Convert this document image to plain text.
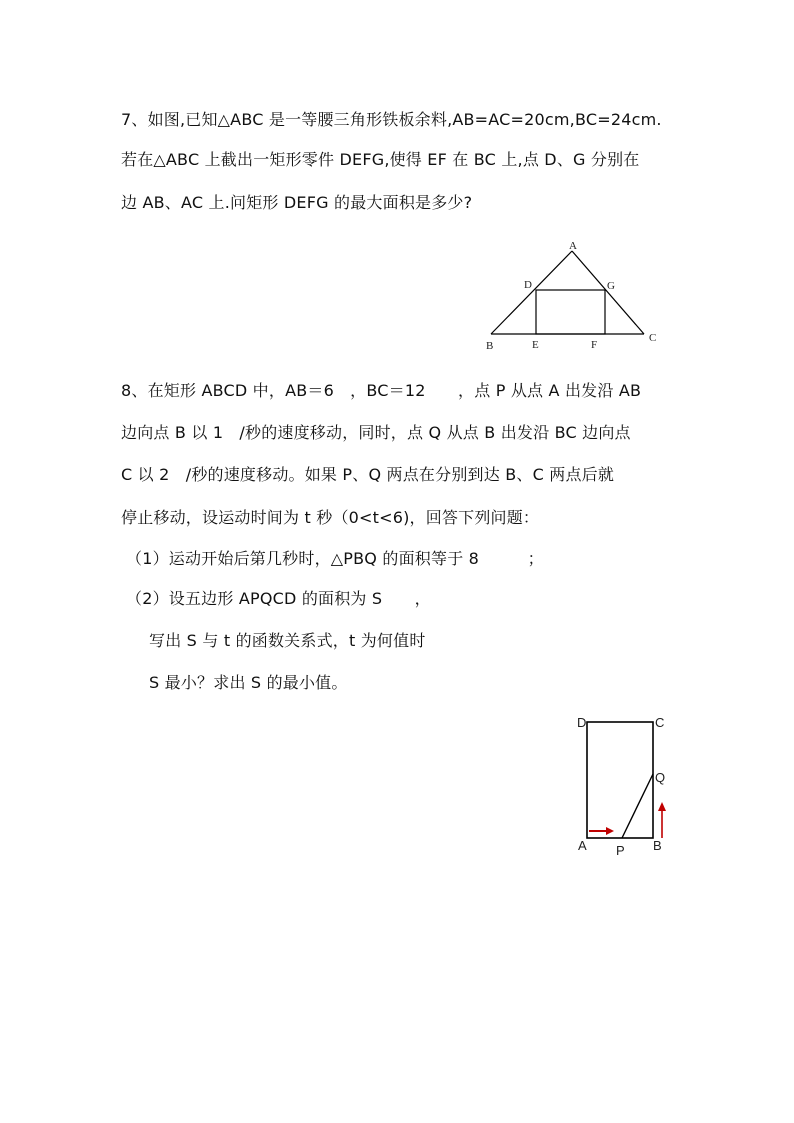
7、如图,已知△ABC 是一等腰三角形铁板余料,AB=AC=20cm,BC=24cm.
若在△ABC 上截出一矩形零件 DEFG,使得 EF 在 BC 上,点 D、G 分别在
边 AB、AC 上.问矩形 DEFG 的最大面积是多少?
A
B
C
D
E	F
G
8、在矩形 ABCD 中，AB＝6　，BC＝12　　，点 P 从点 A 出发沿 AB
边向点 B 以 1　/秒的速度移动，同时，点 Q 从点 B 出发沿 BC 边向点
C 以 2　/秒的速度移动。如果 P、Q 两点在分别到达 B、C 两点后就
停止移动，设运动时间为 t 秒（0<t<6)，回答下列问题：
（1）运动开始后第几秒时，△PBQ 的面积等于 8　　　；
（2）设五边形 APQCD 的面积为 S　　，
写出 S 与 t 的函数关系式，t 为何值时
S 最小？求出 S 的最小值。
D	C
Q
A P B
